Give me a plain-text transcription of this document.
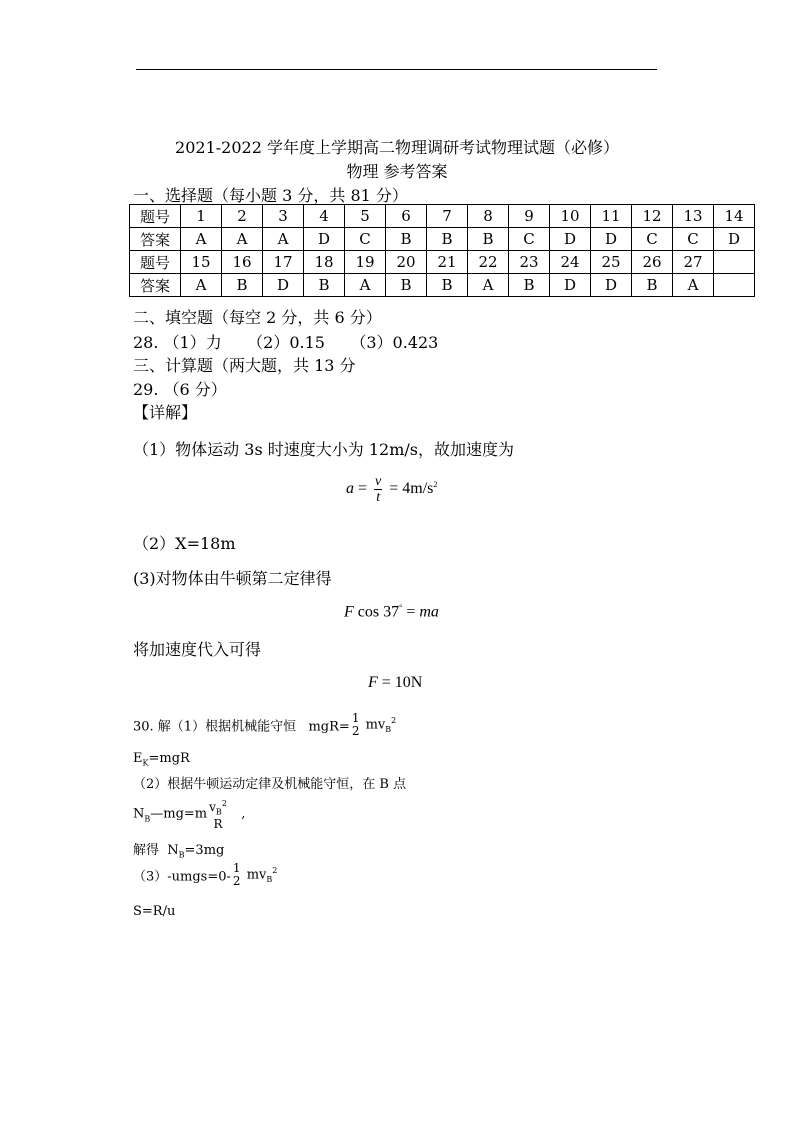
2021-2022 学年度上学期高二物理调研考试物理试题（必修）
物理 参考答案
一、选择题（每小题 3 分，共 81 分）
题号	1	2	3	4	5	6	7	8	9	10	11	12	13	14
答案	A	A	A	D	C	B	B	B	C	D	D	C	C	D
题号	15	16	17	18	19	20	21	22	23	24	25	26	27	
答案	A	B	D	B	A	B	B	A	B	D	D	B	A	
二、填空题（每空 2 分，共 6 分）
28. （1）力     （2）0.15     （3）0.423
三、计算题（两大题，共 13 分
29. （6 分）
【详解】
（1）物体运动 3s 时速度大小为 12m/s，故加速度为
$a = \frac{v}{t} = 4m/s^2$
（2）X=18m
(3)对物体由牛顿第二定律得
F cos 37° = ma
将加速度代入可得
F = 10N
30. 解（1）根据机械能守恒   mgR=
1
2 $mv_B^2$
$E_K=mgR$
（2）根据牛顿运动定律及机械能守恒，在 B 点
$N_B—mg=m$ $v_B^2$
R
,
解得  $N_B=3mg$
（3）-umgs=0-
1
2 $mv_B^2$
S=R/u
